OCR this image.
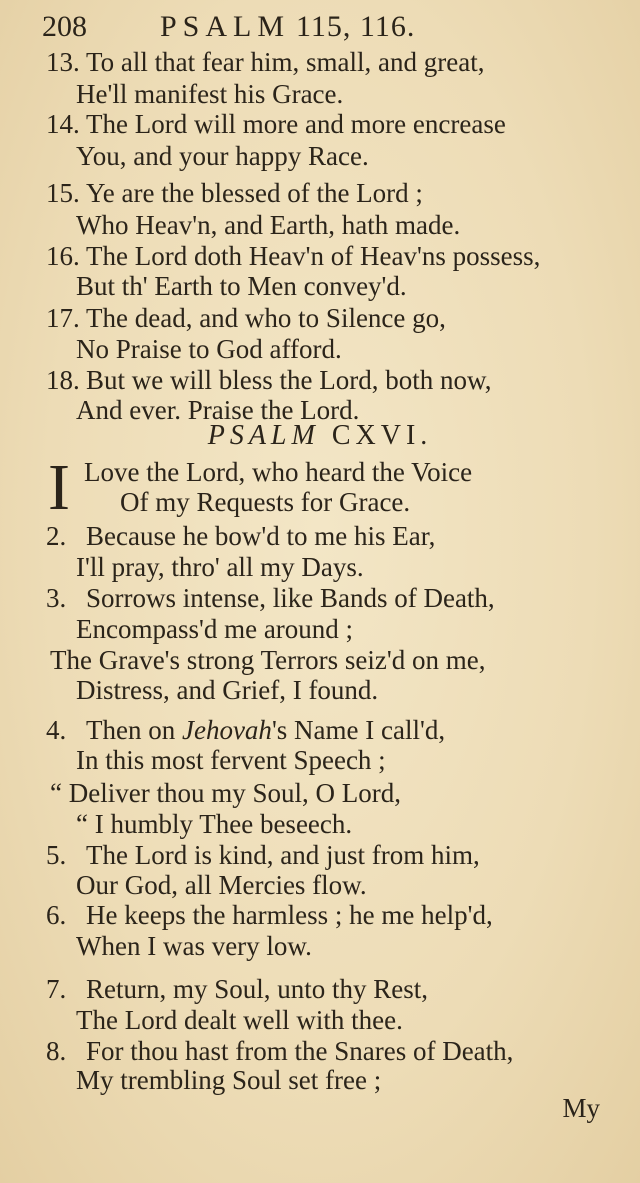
208 PSALM 115, 116.
13. To all that fear him, small, and great,
He'll manifest his Grace.
14. The Lord will more and more encrease
You, and your happy Race.
15. Ye are the blessed of the Lord ;
Who Heav'n, and Earth, hath made.
16. The Lord doth Heav'n of Heav'ns possess,
But th' Earth to Men convey'd.
17. The dead, and who to Silence go,
No Praise to God afford.
18. But we will bless the Lord, both now,
And ever. Praise the Lord.
PSALM CXVI.
I Love the Lord, who heard the Voice
Of my Requests for Grace.
2. Because he bow'd to me his Ear,
I'll pray, thro' all my Days.
3. Sorrows intense, like Bands of Death,
Encompass'd me around ;
The Grave's strong Terrors seiz'd on me,
Distress, and Grief, I found.
4. Then on Jehovah's Name I call'd,
In this most fervent Speech ;
“ Deliver thou my Soul, O Lord,
“ I humbly Thee beseech.
5. The Lord is kind, and just from him,
Our God, all Mercies flow.
6. He keeps the harmless ; he me help'd,
When I was very low.
7. Return, my Soul, unto thy Rest,
The Lord dealt well with thee.
8. For thou hast from the Snares of Death,
My trembling Soul set free ;
My
